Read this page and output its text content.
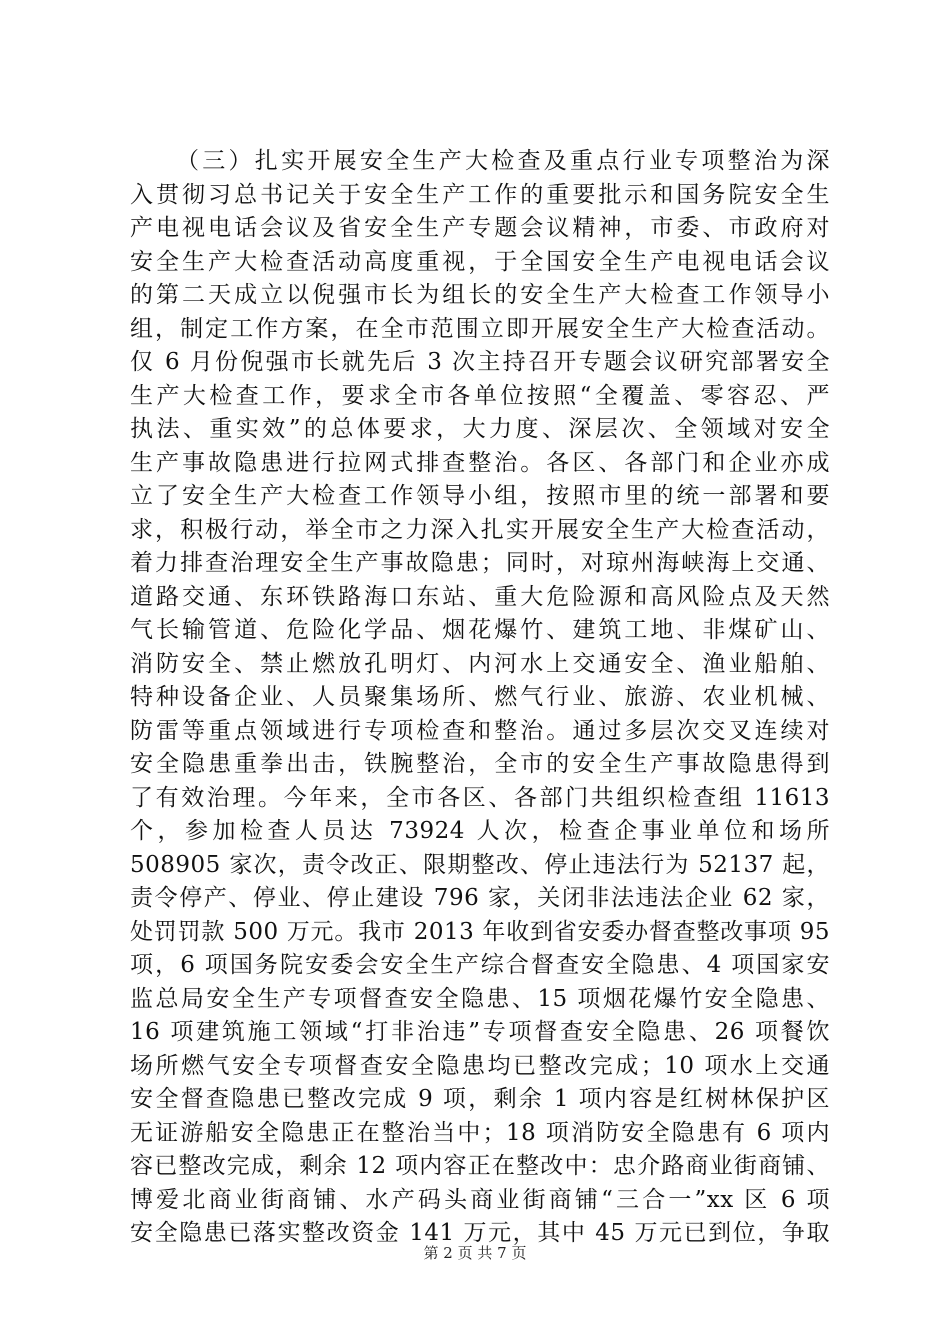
（三）扎实开展安全生产大检查及重点行业专项整治为深
入贯彻习总书记关于安全生产工作的重要批示和国务院安全生
产电视电话会议及省安全生产专题会议精神，市委、市政府对
安全生产大检查活动高度重视，于全国安全生产电视电话会议
的第二天成立以倪强市长为组长的安全生产大检查工作领导小
组，制定工作方案，在全市范围立即开展安全生产大检查活动。
仅 6 月份倪强市长就先后 3 次主持召开专题会议研究部署安全
生产大检查工作，要求全市各单位按照“全覆盖、零容忍、严
执法、重实效”的总体要求，大力度、深层次、全领域对安全
生产事故隐患进行拉网式排查整治。各区、各部门和企业亦成
立了安全生产大检查工作领导小组，按照市里的统一部署和要
求，积极行动，举全市之力深入扎实开展安全生产大检查活动，
着力排查治理安全生产事故隐患；同时，对琼州海峡海上交通、
道路交通、东环铁路海口东站、重大危险源和高风险点及天然
气长输管道、危险化学品、烟花爆竹、建筑工地、非煤矿山、
消防安全、禁止燃放孔明灯、内河水上交通安全、渔业船舶、
特种设备企业、人员聚集场所、燃气行业、旅游、农业机械、
防雷等重点领域进行专项检查和整治。通过多层次交叉连续对
安全隐患重拳出击，铁腕整治，全市的安全生产事故隐患得到
了有效治理。今年来，全市各区、各部门共组织检查组 11613
个，参加检查人员达 73924 人次，检查企事业单位和场所
508905 家次，责令改正、限期整改、停止违法行为 52137 起，
责令停产、停业、停止建设 796 家，关闭非法违法企业 62 家，
处罚罚款 500 万元。我市 2013 年收到省安委办督查整改事项 95
项，6 项国务院安委会安全生产综合督查安全隐患、4 项国家安
监总局安全生产专项督查安全隐患、15 项烟花爆竹安全隐患、
16 项建筑施工领域“打非治违”专项督查安全隐患、26 项餐饮
场所燃气安全专项督查安全隐患均已整改完成；10 项水上交通
安全督查隐患已整改完成 9 项，剩余 1 项内容是红树林保护区
无证游船安全隐患正在整治当中；18 项消防安全隐患有 6 项内
容已整改完成，剩余 12 项内容正在整改中：忠介路商业街商铺、
博爱北商业街商铺、水产码头商业街商铺“三合一”xx 区 6 项
安全隐患已落实整改资金 141 万元，其中 45 万元已到位，争取
第 2 页 共 7 页
